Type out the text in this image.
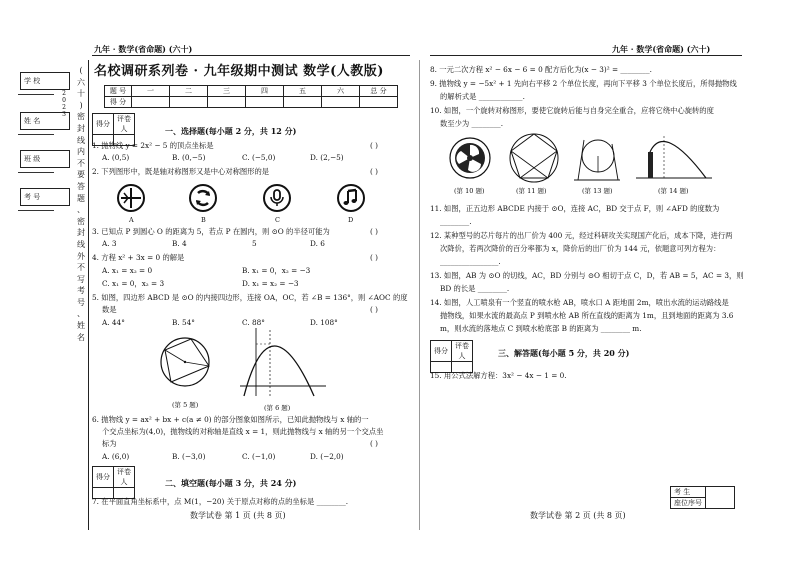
九年 · 数学(省命题) (六十)	九年 · 数学(省命题) (六十)
学 校
姓 名
班 级
考 号
2
0
2
3
(
六
十
)
密
封
线
内
不
要
答
题
、
密
封
线
外
不
写
考
号
、
姓
名
名校调研系列卷 · 九年级期中测试 数学(人教版)
题 号	一	二	三	四	五	六	总 分
得 分							
得分	评卷人
		一、选择题(每小题 2 分，共 12 分)
1. 抛物线 y = 2x² − 5 的顶点坐标是	( )
A. (0,5)	B. (0,−5)	C. (−5,0)	D. (2,−5)
2. 下列图形中，既是轴对称图形又是中心对称图形的是	( )
A	B	C	D
3. 已知点 P 到圆心 O 的距离为 5，若点 P 在圆内，则 ⊙O 的半径可能为	( )
A. 3	B. 4	5	D. 6
4. 方程 x² + 3x = 0 的解是	( )
A. x₁ = x₂ = 0	B. x₁ = 0，x₂ = −3
C. x₁ = 0，x₂ = 3	D. x₁ = x₂ = −3
5. 如图，四边形 ABCD 是 ⊙O 的内接四边形，连接 OA，OC，若 ∠B = 136°，则 ∠AOC 的度
数是	( )
A. 44°	B. 54°	C. 88°	D. 108°
(第 5 题)	(第 6 题)
6. 抛物线 y = ax² + bx + c(a ≠ 0) 的部分图象如图所示，已知此抛物线与 x 轴的一
个交点坐标为(4,0)，抛物线的对称轴是直线 x = 1，则此抛物线与 x 轴的另一个交点坐
标为	( )
A. (6,0)	B. (−3,0)	C. (−1,0)	D. (−2,0)
得分	评卷人
		二、填空题(每小题 3 分，共 24 分)
7. 在平面直角坐标系中，点 M(1，−20) 关于原点对称的点的坐标是 ________.
数学试卷 第 1 页 (共 8 页)
8. 一元二次方程 x² − 6x − 6 = 0 配方后化为(x − 3)² = ________.
9. 抛物线 y = −5x² + 1 先向右平移 2 个单位长度，再向下平移 3 个单位长度后，所得抛物线
的解析式是 ____________.
10. 如图，一个旋转对称图形，要使它旋转后能与自身完全重合，应将它绕中心旋转的度
数至少为 ________.
(第 10 题)	(第 11 题)	(第 13 题)	(第 14 题)
11. 如图，正五边形 ABCDE 内接于 ⊙O，连接 AC，BD 交于点 F，则 ∠AFD 的度数为
________.
12. 某种型号的芯片每片的出厂价为 400 元，经过科研攻关实现国产化后，成本下降，进行两
次降价，若两次降价的百分率都为 x，降价后的出厂价为 144 元，依题意可列方程为：
________________.
13. 如图，AB 为 ⊙O 的切线，AC，BD 分别与 ⊙O 相切于点 C，D，若 AB = 5，AC = 3，则
BD 的长是 ________.
14. 如图，人工喷泉有一个竖直的喷水枪 AB，喷水口 A 距地面 2m，喷出水流的运动路线是
抛物线，如果水流的最高点 P 到喷水枪 AB 所在直线的距离为 1m，且到地面的距离为 3.6
m，则水流的落地点 C 到喷水枪底部 B 的距离为 ________ m.
得分	评卷人
		三、解答题(每小题 5 分，共 20 分)
15. 用公式法解方程：3x² − 4x − 1 = 0.
考 生	
座位序号
数学试卷 第 2 页 (共 8 页)
